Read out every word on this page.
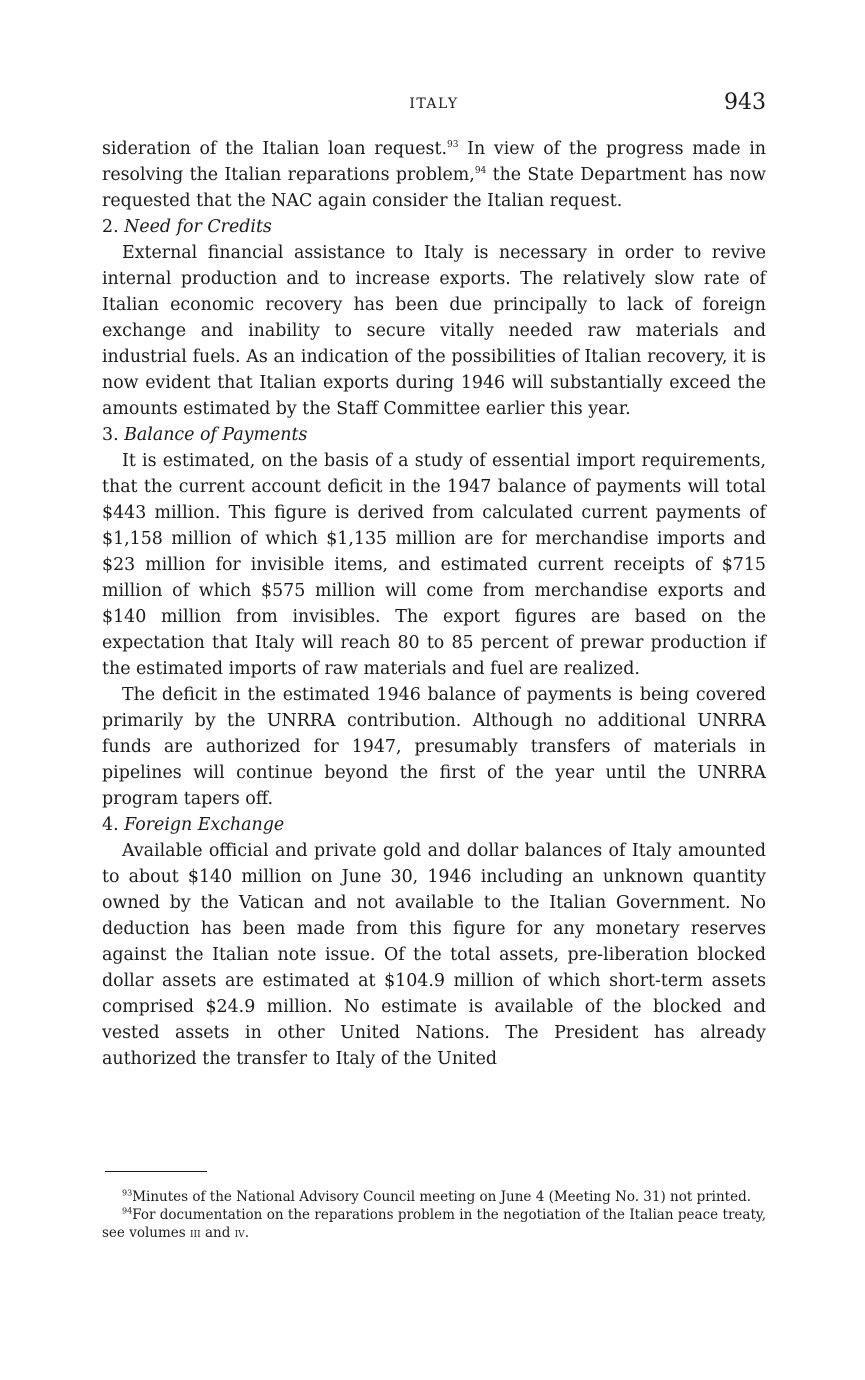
ITALY	943

sideration of the Italian loan request.$^{93}$ In view of the progress made in resolving the Italian reparations problem,$^{94}$ the State Department has now requested that the NAC again consider the Italian request.

2. Need for Credits

External financial assistance to Italy is necessary in order to revive internal production and to increase exports. The relatively slow rate of Italian economic recovery has been due principally to lack of foreign exchange and inability to secure vitally needed raw materials and industrial fuels. As an indication of the possibilities of Italian recovery, it is now evident that Italian exports during 1946 will substantially exceed the amounts estimated by the Staff Committee earlier this year.

3. Balance of Payments

It is estimated, on the basis of a study of essential import requirements, that the current account deficit in the 1947 balance of payments will total $443 million. This figure is derived from calculated current payments of $1,158 million of which $1,135 million are for merchandise imports and $23 million for invisible items, and estimated current receipts of $715 million of which $575 million will come from merchandise exports and $140 million from invisibles. The export figures are based on the expectation that Italy will reach 80 to 85 percent of prewar production if the estimated imports of raw materials and fuel are realized.

The deficit in the estimated 1946 balance of payments is being covered primarily by the UNRRA contribution. Although no additional UNRRA funds are authorized for 1947, presumably transfers of materials in pipelines will continue beyond the first of the year until the UNRRA program tapers off.

4. Foreign Exchange

Available official and private gold and dollar balances of Italy amounted to about $140 million on June 30, 1946 including an unknown quantity owned by the Vatican and not available to the Italian Government. No deduction has been made from this figure for any monetary reserves against the Italian note issue. Of the total assets, pre-liberation blocked dollar assets are estimated at $104.9 million of which short-term assets comprised $24.9 million. No estimate is available of the blocked and vested assets in other United Nations. The President has already authorized the transfer to Italy of the United

$^{93}$Minutes of the National Advisory Council meeting on June 4 (Meeting No. 31) not printed.

$^{94}$For documentation on the reparations problem in the negotiation of the Italian peace treaty, see volumes iii and iv.
